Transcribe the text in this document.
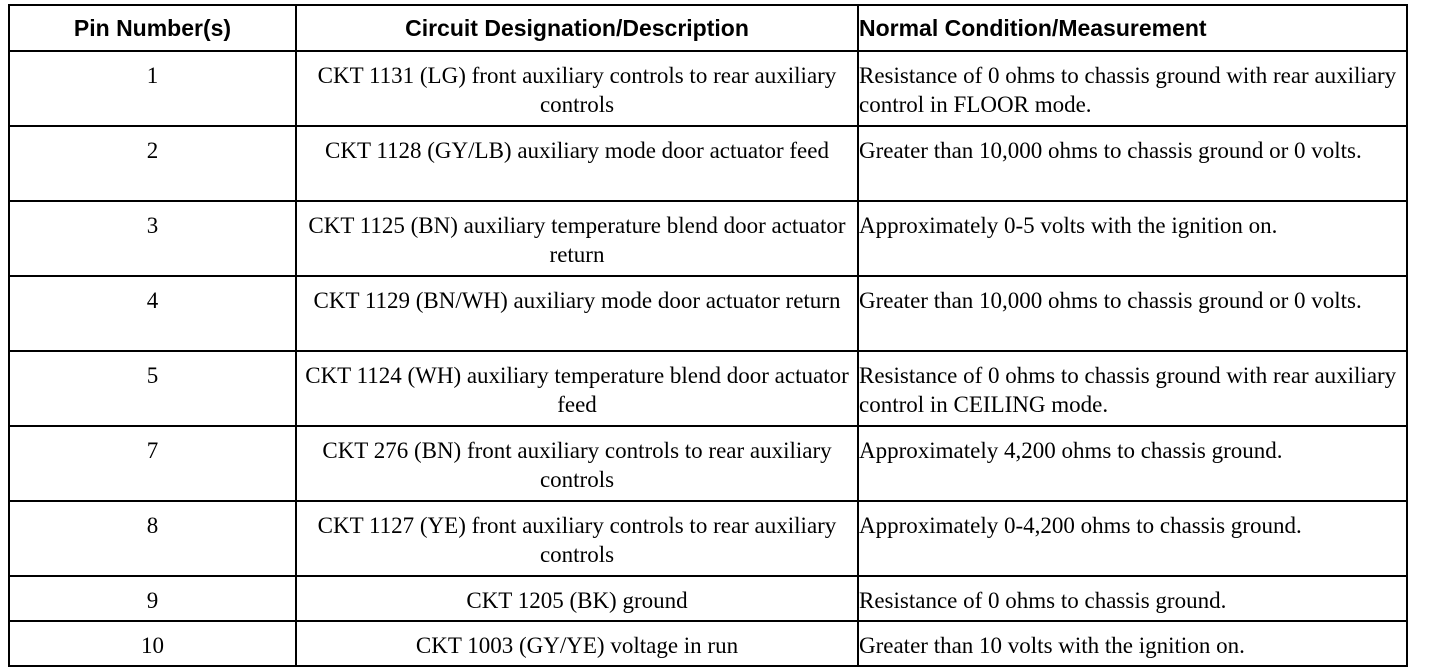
Pin Number(s)	Circuit Designation/Description	Normal Condition/Measurement
1	CKT 1131 (LG) front auxiliary controls to rear auxiliary controls	Resistance of 0 ohms to chassis ground with rear auxiliary control in FLOOR mode.
2	CKT 1128 (GY/LB) auxiliary mode door actuator feed	Greater than 10,000 ohms to chassis ground or 0 volts.
3	CKT 1125 (BN) auxiliary temperature blend door actuator return	Approximately 0-5 volts with the ignition on.
4	CKT 1129 (BN/WH) auxiliary mode door actuator return	Greater than 10,000 ohms to chassis ground or 0 volts.
5	CKT 1124 (WH) auxiliary temperature blend door actuator feed	Resistance of 0 ohms to chassis ground with rear auxiliary control in CEILING mode.
7	CKT 276 (BN) front auxiliary controls to rear auxiliary controls	Approximately 4,200 ohms to chassis ground.
8	CKT 1127 (YE) front auxiliary controls to rear auxiliary controls	Approximately 0-4,200 ohms to chassis ground.
9	CKT 1205 (BK) ground	Resistance of 0 ohms to chassis ground.
10	CKT 1003 (GY/YE) voltage in run	Greater than 10 volts with the ignition on.
